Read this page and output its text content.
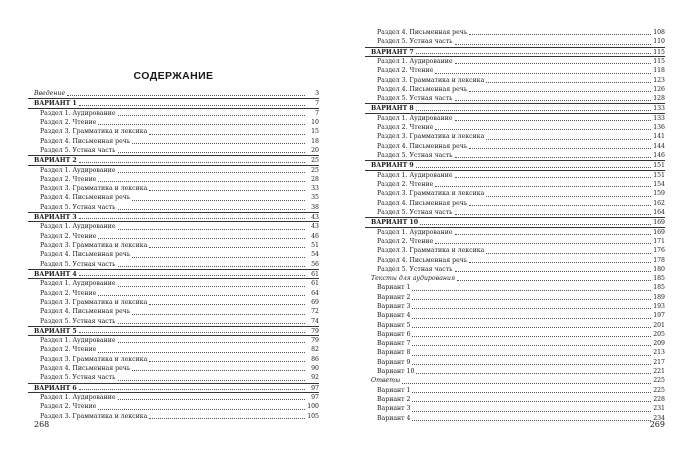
СОДЕРЖАНИЕ
Введение	3
ВАРИАНТ 1	7
Раздел 1. Аудирование	7
Раздел 2. Чтение	10
Раздел 3. Грамматика и лексика	15
Раздел 4. Письменная речь	18
Раздел 5. Устная часть	20
ВАРИАНТ 2	25
Раздел 1. Аудирование	25
Раздел 2. Чтение	28
Раздел 3. Грамматика и лексика	33
Раздел 4. Письменная речь	35
Раздел 5. Устная часть	38
ВАРИАНТ 3	43
Раздел 1. Аудирование	43
Раздел 2. Чтение	46
Раздел 3. Грамматика и лексика	51
Раздел 4. Письменная речь	54
Раздел 5. Устная часть	56
ВАРИАНТ 4	61
Раздел 1. Аудирование	61
Раздел 2. Чтение	64
Раздел 3. Грамматика и лексика	69
Раздел 4. Письменная речь	72
Раздел 5. Устная часть	74
ВАРИАНТ 5	79
Раздел 1. Аудирование	79
Раздел 2. Чтение	82
Раздел 3. Грамматика и лексика	86
Раздел 4. Письменная речь	90
Раздел 5. Устная часть	92
ВАРИАНТ 6	97
Раздел 1. Аудирование	97
Раздел 2. Чтение	100
Раздел 3. Грамматика и лексика	105
268
Раздел 4. Письменная речь	108
Раздел 5. Устная часть	110
ВАРИАНТ 7	115
Раздел 1. Аудирование	115
Раздел 2. Чтение	118
Раздел 3. Грамматика и лексика	123
Раздел 4. Письменная речь	126
Раздел 5. Устная часть	128
ВАРИАНТ 8	133
Раздел 1. Аудирование	133
Раздел 2. Чтение	136
Раздел 3. Грамматика и лексика	141
Раздел 4. Письменная речь	144
Раздел 5. Устная часть	146
ВАРИАНТ 9	151
Раздел 1. Аудирование	151
Раздел 2. Чтение	154
Раздел 3. Грамматика и лексика	159
Раздел 4. Письменная речь	162
Раздел 5. Устная часть	164
ВАРИАНТ 10	169
Раздел 1. Аудирование	169
Раздел 2. Чтение	171
Раздел 3. Грамматика и лексика	176
Раздел 4. Письменная речь	178
Раздел 5. Устная часть	180
Тексты для аудирования	185
Вариант 1	185
Вариант 2	189
Вариант 3	193
Вариант 4	197
Вариант 5	201
Вариант 6	205
Вариант 7	209
Вариант 8	213
Вариант 9	217
Вариант 10	221
Ответы	225
Вариант 1	225
Вариант 2	228
Вариант 3	231
Вариант 4	234
269
